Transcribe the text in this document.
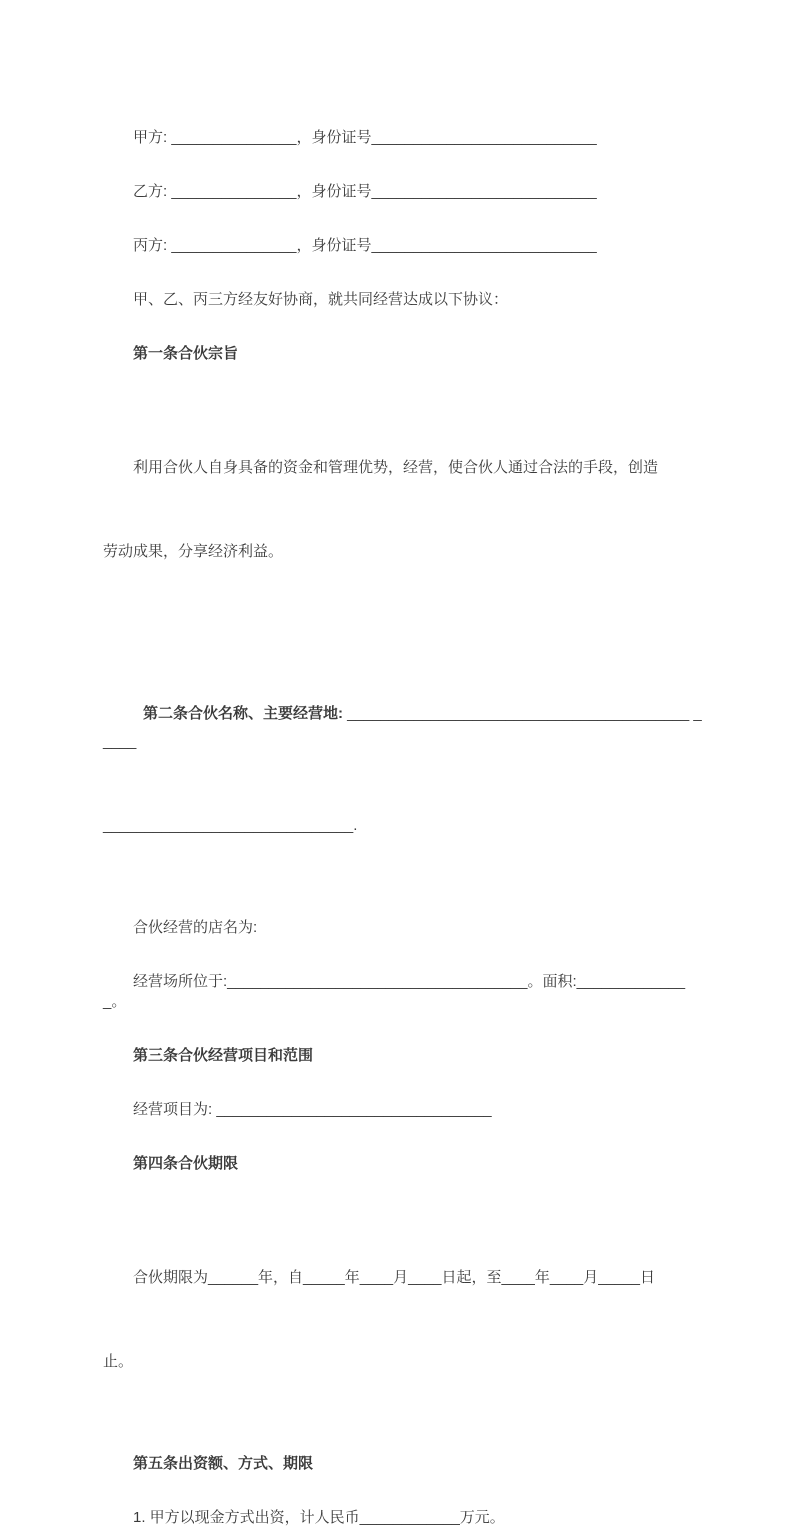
甲方: _______________，身份证号___________________________

乙方: _______________，身份证号___________________________

丙方: _______________，身份证号___________________________

甲、乙、丙三方经友好协商，就共同经营达成以下协议：

第一条合伙宗旨

利用合伙人自身具备的资金和管理优势，经营，使合伙人通过合法的手段，创造

劳动成果，分享经济利益。

第二条合伙名称、主要经营地: _________________________________________ _____

______________________________.

合伙经营的店名为:

经营场所位于:____________________________________。面积:______________。

第三条合伙经营项目和范围

经营项目为: _________________________________

第四条合伙期限

合伙期限为______年，自_____年____月____日起，至____年____月_____日

止。

第五条出资额、方式、期限

1. 甲方以现金方式出资，计人民币____________万元。
